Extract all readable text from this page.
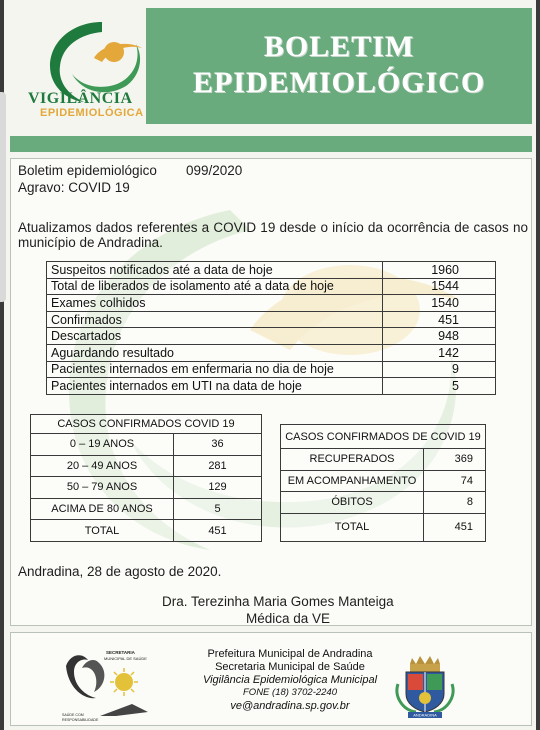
VIGILÂNCIA
EPIDEMIOLÓGICA
BOLETIM
EPIDEMIOLÓGICO
Boletim epidemiológico 099/2020
Agravo: COVID 19
Atualizamos dados referentes a COVID 19 desde o início da ocorrência de casos no município de Andradina.
Suspeitos notificados até a data de hoje	1960
Total de liberados de isolamento até a data de hoje	1544
Exames colhidos	1540
Confirmados	451
Descartados	948
Aguardando resultado	142
Pacientes internados em enfermaria no dia de hoje	9
Pacientes internados em UTI na data de hoje	5
CASOS CONFIRMADOS COVID 19	
0 – 19 ANOS	36
20 – 49 ANOS	281
50 – 79 ANOS	129
ACIMA DE 80 ANOS	5
TOTAL	451
CASOS CONFIRMADOS DE COVID 19	
RECUPERADOS	369
EM ACOMPANHAMENTO	74
ÓBITOS	8
TOTAL	451
Andradina, 28 de agosto de 2020.
Dra. Terezinha Maria Gomes Manteiga
Médica da VE
SECRETARIA
MUNICIPAL DE SAÚDE
SAÚDE COM
RESPONSABILIDADE
Prefeitura Municipal de Andradina
Secretaria Municipal de Saúde
Vigilância Epidemiológica Municipal
FONE (18) 3702-2240
ve@andradina.sp.gov.br
ANDRADINA
